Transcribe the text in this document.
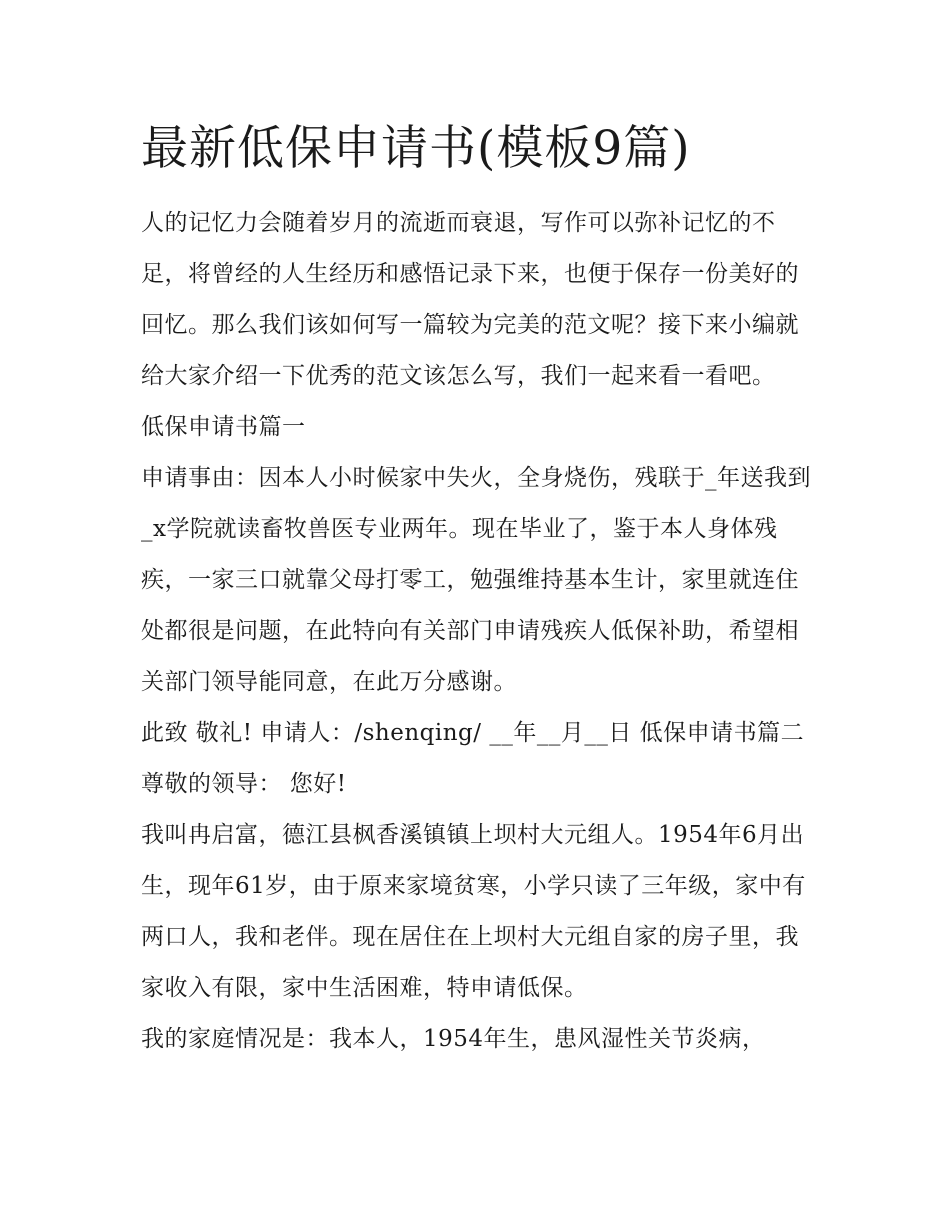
最新低保申请书(模板9篇)

人的记忆力会随着岁月的流逝而衰退，写作可以弥补记忆的不足，将曾经的人生经历和感悟记录下来，也便于保存一份美好的回忆。那么我们该如何写一篇较为完美的范文呢？接下来小编就给大家介绍一下优秀的范文该怎么写，我们一起来看一看吧。

低保申请书篇一

申请事由：因本人小时候家中失火，全身烧伤，残联于_年送我到_x学院就读畜牧兽医专业两年。现在毕业了，鉴于本人身体残疾，一家三口就靠父母打零工，勉强维持基本生计，家里就连住处都很是问题，在此特向有关部门申请残疾人低保补助，希望相关部门领导能同意，在此万分感谢。

此致 敬礼! 申请人：/shenqing/ __年__月__日 低保申请书篇二 尊敬的领导： 您好!

我叫冉启富，德江县枫香溪镇镇上坝村大元组人。1954年6月出生，现年61岁，由于原来家境贫寒，小学只读了三年级，家中有两口人，我和老伴。现在居住在上坝村大元组自家的房子里，我家收入有限，家中生活困难，特申请低保。

我的家庭情况是：我本人，1954年生，患风湿性关节炎病，
